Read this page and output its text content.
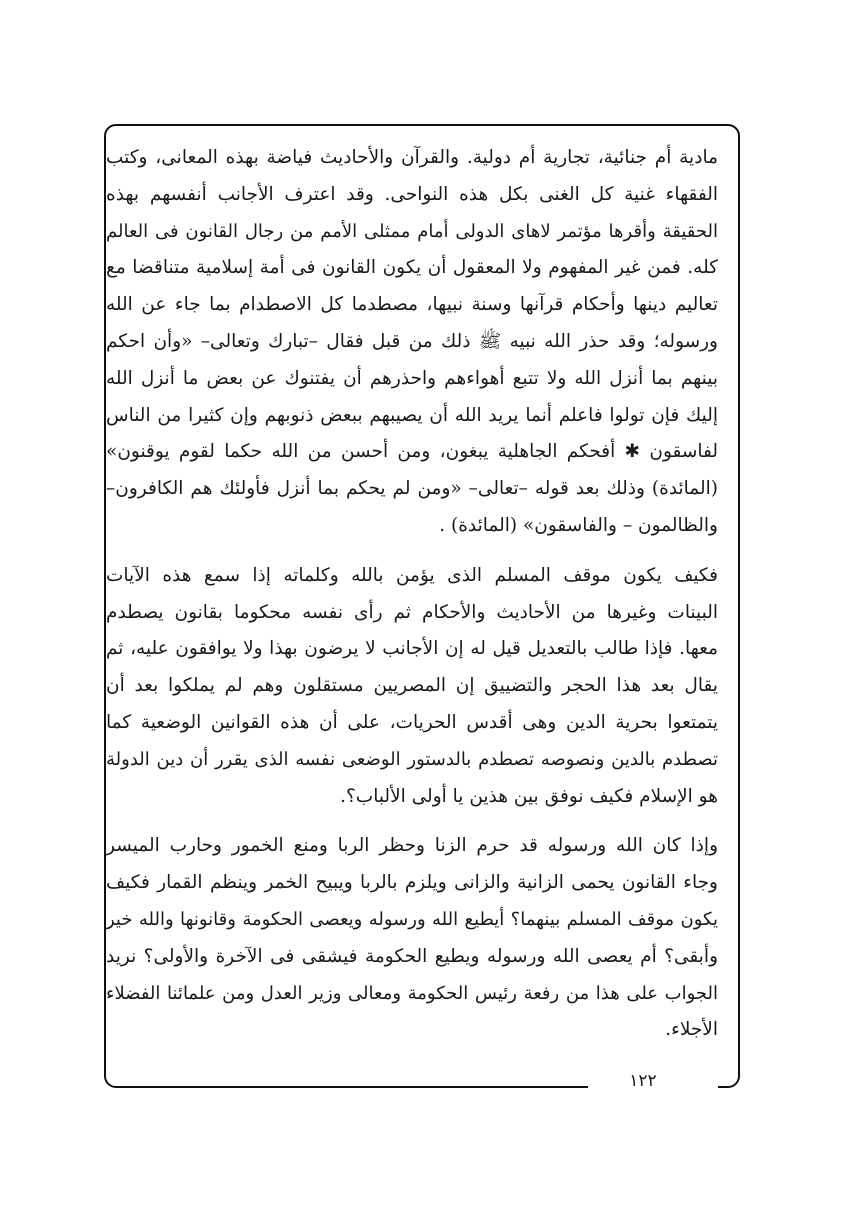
١٢٢

مادية أم جنائية، تجارية أم دولية. والقرآن والأحاديث فياضة بهذه المعانى، وكتب
الفقهاء غنية كل الغنى بكل هذه النواحى. وقد اعترف الأجانب أنفسهم بهذه
الحقيقة وأقرها مؤتمر لاهاى الدولى أمام ممثلى الأمم من رجال القانون فى العالم
كله. فمن غير المفهوم ولا المعقول أن يكون القانون فى أمة إسلامية متناقضا مع
تعاليم دينها وأحكام قرآنها وسنة نبيها، مصطدما كل الاصطدام بما جاء عن الله
ورسوله؛ وقد حذر الله نبيه ﷺ ذلك من قبل فقال –تبارك وتعالى– «وأن احكم
بينهم بما أنزل الله ولا تتبع أهواءهم واحذرهم أن يفتنوك عن بعض ما أنزل الله
إليك فإن تولوا فاعلم أنما يريد الله أن يصيبهم ببعض ذنوبهم وإن كثيرا من الناس
لفاسقون ✱ أفحكم الجاهلية يبغون، ومن أحسن من الله حكما لقوم يوقنون»
(المائدة) وذلك بعد قوله –تعالى– «ومن لم يحكم بما أنزل فأولئك هم الكافرون–
والظالمون – والفاسقون» (المائدة) .

فكيف يكون موقف المسلم الذى يؤمن بالله وكلماته إذا سمع هذه الآيات
البينات وغيرها من الأحاديث والأحكام ثم رأى نفسه محكوما بقانون يصطدم
معها. فإذا طالب بالتعديل قيل له إن الأجانب لا يرضون بهذا ولا يوافقون عليه، ثم
يقال بعد هذا الحجر والتضييق إن المصريين مستقلون وهم لم يملكوا بعد أن
يتمتعوا بحرية الدين وهى أقدس الحريات، على أن هذه القوانين الوضعية كما
تصطدم بالدين ونصوصه تصطدم بالدستور الوضعى نفسه الذى يقرر أن دين الدولة
هو الإسلام فكيف نوفق بين هذين يا أولى الألباب؟.

وإذا كان الله ورسوله قد حرم الزنا وحظر الربا ومنع الخمور وحارب الميسر
وجاء القانون يحمى الزانية والزانى ويلزم بالربا ويبيح الخمر وينظم القمار فكيف
يكون موقف المسلم بينهما؟ أيطيع الله ورسوله ويعصى الحكومة وقانونها والله خير
وأبقى؟ أم يعصى الله ورسوله ويطيع الحكومة فيشقى فى الآخرة والأولى؟ نريد
الجواب على هذا من رفعة رئيس الحكومة ومعالى وزير العدل ومن علمائنا الفضلاء
الأجلاء.
